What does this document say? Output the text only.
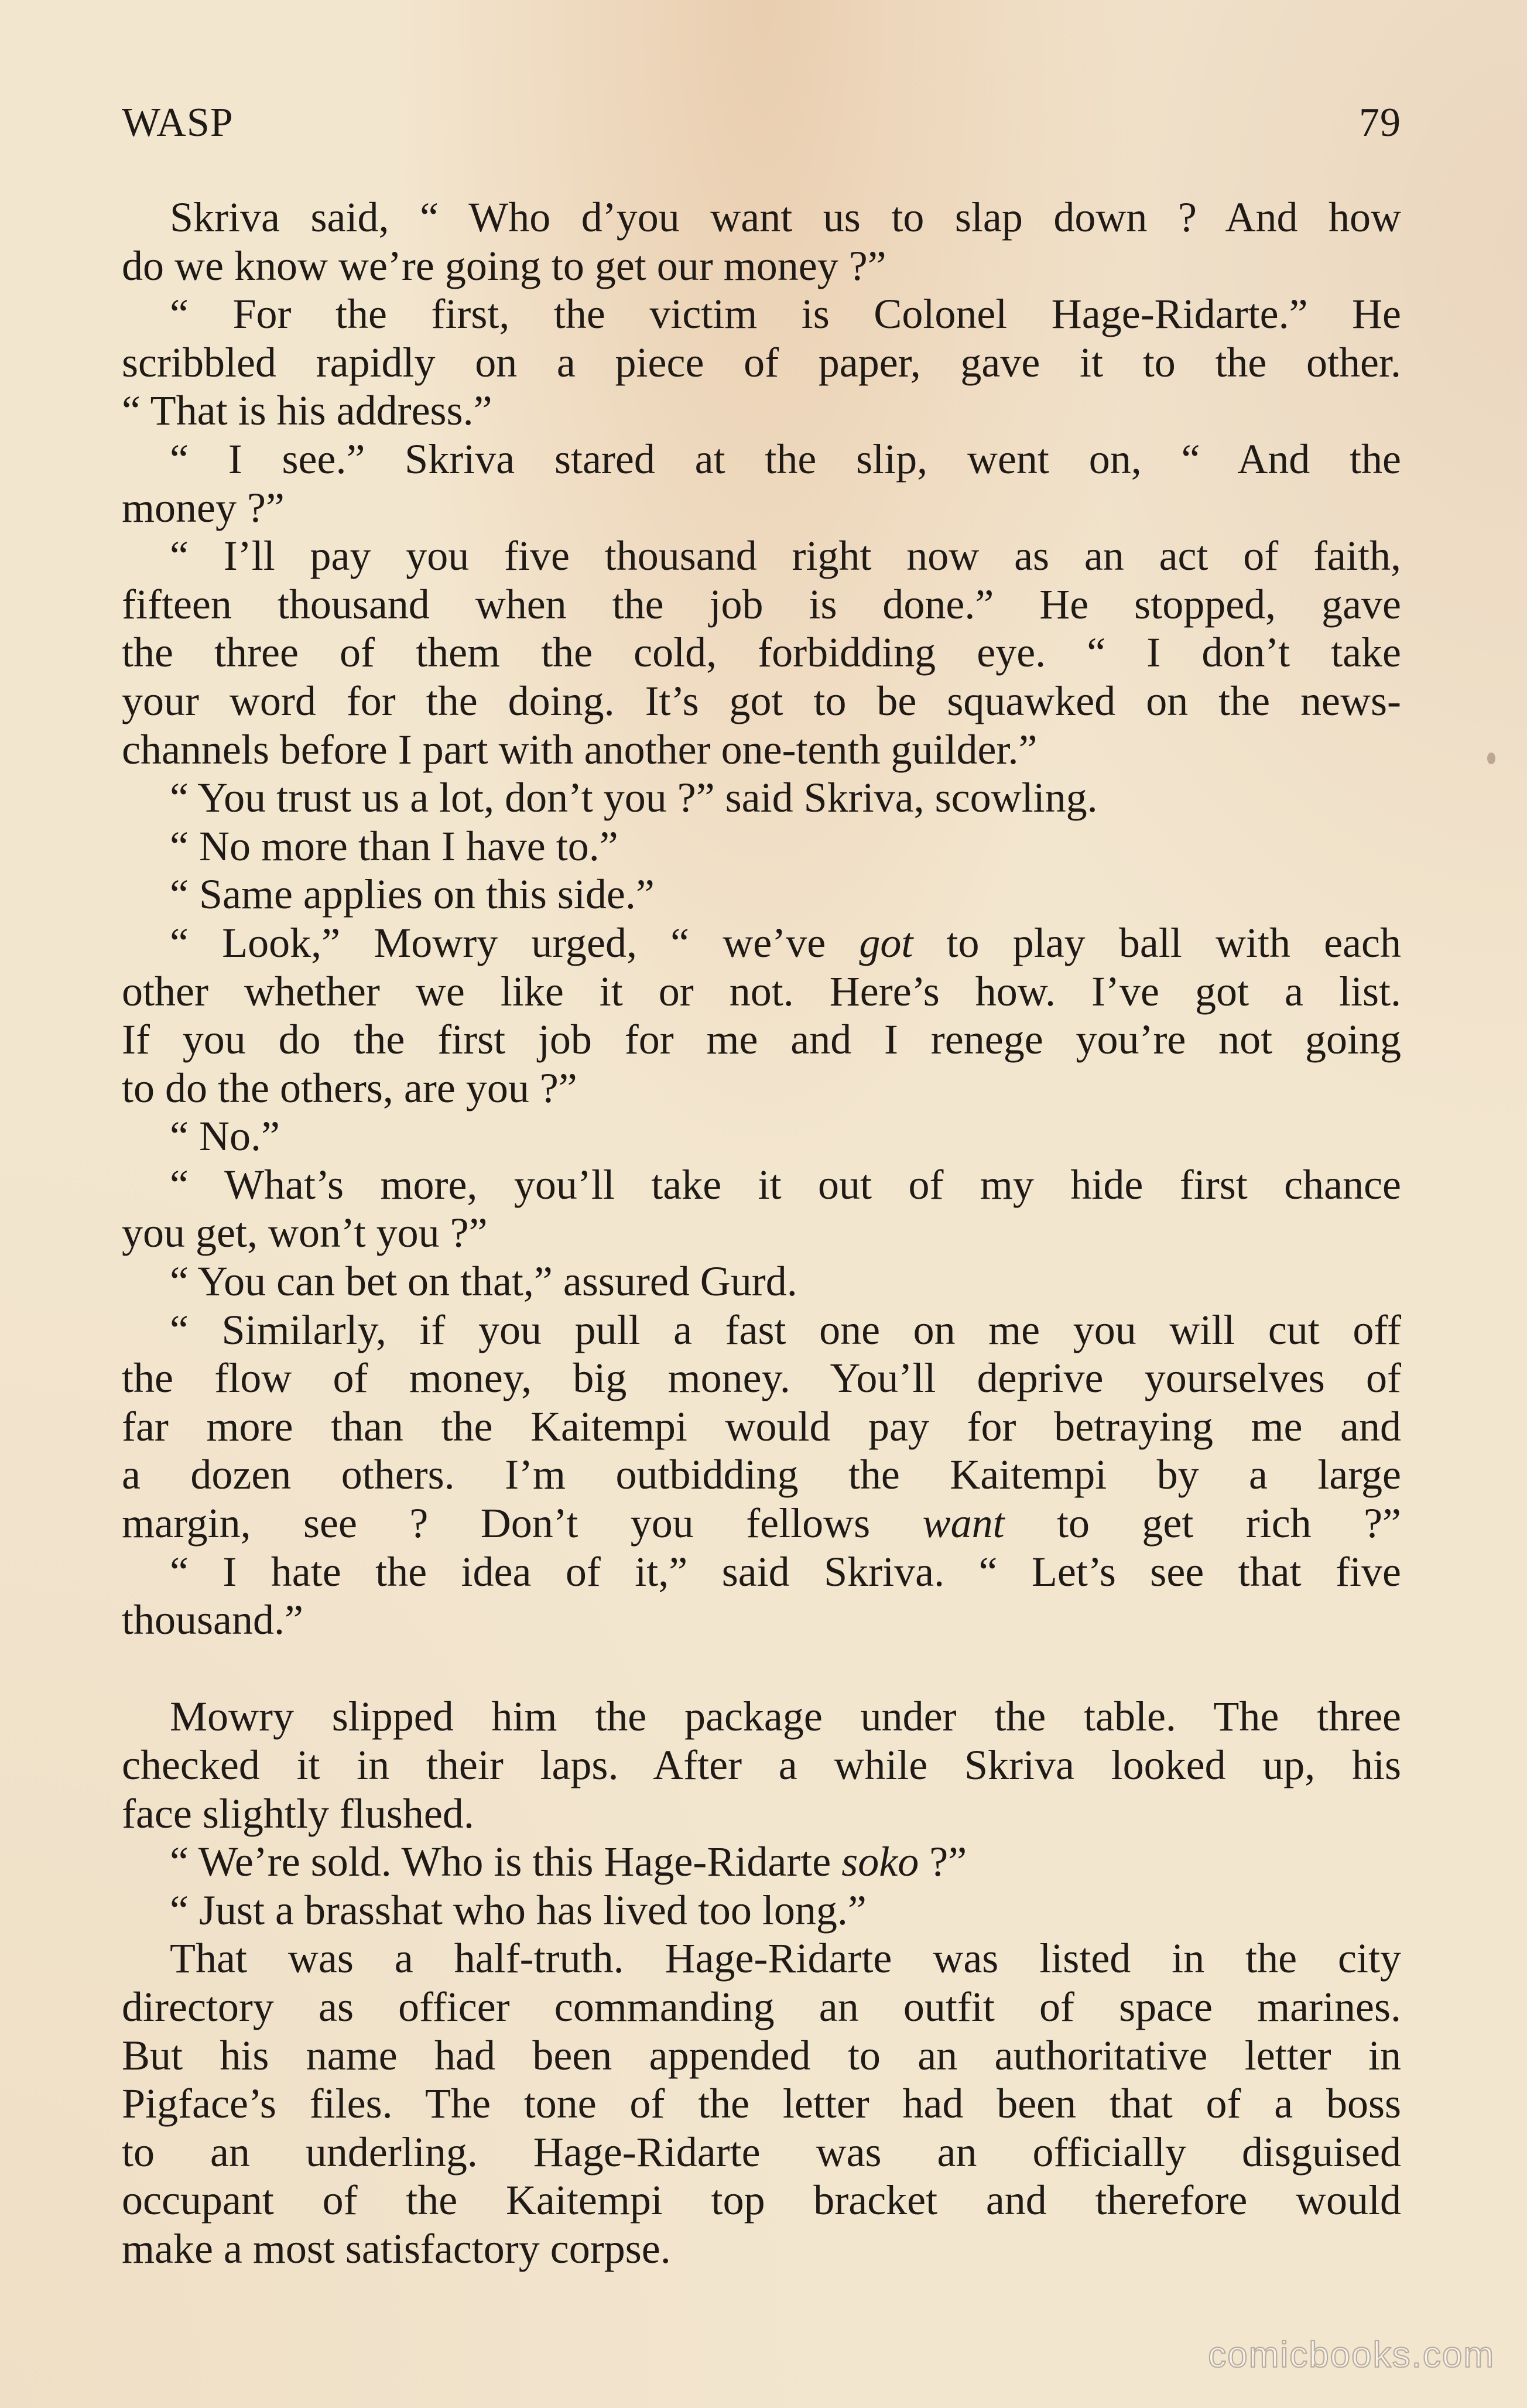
WASP	79
Skriva said, “ Who d’you want us to slap down ? And how
do we know we’re going to get our money ?”
“ For the first, the victim is Colonel Hage-Ridarte.” He
scribbled rapidly on a piece of paper, gave it to the other.
“ That is his address.”
“ I see.” Skriva stared at the slip, went on, “ And the
money ?”
“ I’ll pay you five thousand right now as an act of faith,
fifteen thousand when the job is done.” He stopped, gave
the three of them the cold, forbidding eye. “ I don’t take
your word for the doing. It’s got to be squawked on the news-
channels before I part with another one-tenth guilder.”
“ You trust us a lot, don’t you ?” said Skriva, scowling.
“ No more than I have to.”
“ Same applies on this side.”
“ Look,” Mowry urged, “ we’ve got to play ball with each
other whether we like it or not. Here’s how. I’ve got a list.
If you do the first job for me and I renege you’re not going
to do the others, are you ?”
“ No.”
“ What’s more, you’ll take it out of my hide first chance
you get, won’t you ?”
“ You can bet on that,” assured Gurd.
“ Similarly, if you pull a fast one on me you will cut off
the flow of money, big money. You’ll deprive yourselves of
far more than the Kaitempi would pay for betraying me and
a dozen others. I’m outbidding the Kaitempi by a large
margin, see ? Don’t you fellows want to get rich ?”
“ I hate the idea of it,” said Skriva. “ Let’s see that five
thousand.”
Mowry slipped him the package under the table. The three
checked it in their laps. After a while Skriva looked up, his
face slightly flushed.
“ We’re sold. Who is this Hage-Ridarte soko ?”
“ Just a brasshat who has lived too long.”
That was a half-truth. Hage-Ridarte was listed in the city
directory as officer commanding an outfit of space marines.
But his name had been appended to an authoritative letter in
Pigface’s files. The tone of the letter had been that of a boss
to an underling. Hage-Ridarte was an officially disguised
occupant of the Kaitempi top bracket and therefore would
make a most satisfactory corpse.
comicbooks.com
